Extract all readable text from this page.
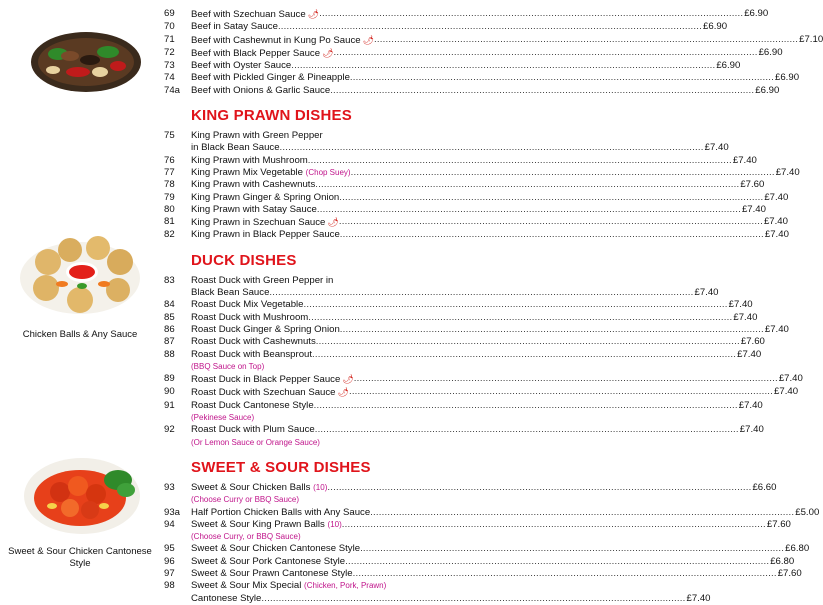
Chicken Balls & Any Sauce
Sweet & Sour Chicken Cantonese Style
69	Beef with Szechuan Sauce 🌶 .....	£6.90
70	Beef in Satay Sauce .....	£6.90
71	Beef with Cashewnut in Kung Po Sauce 🌶 .....	£7.10
72	Beef with Black Pepper Sauce 🌶 .....	£6.90
73	Beef with Oyster Sauce .....	£6.90
74	Beef with Pickled Ginger & Pineapple .....	£6.90
74a	Beef with Onions & Garlic Sauce .....	£6.90
KING PRAWN DISHES
75	King Prawn with Green Pepper
in Black Bean Sauce .....	£7.40
76	King Prawn with Mushroom .....	£7.40
77	King Prawn Mix Vegetable (Chop Suey) .....	£7.40
78	King Prawn with Cashewnuts .....	£7.60
79	King Prawn Ginger & Spring Onion .....	£7.40
80	King Prawn with Satay Sauce .....	£7.40
81	King Prawn in Szechuan Sauce 🌶 .....	£7.40
82	King Prawn in Black Pepper Sauce .....	£7.40
DUCK DISHES
83	Roast Duck with Green Pepper in
Black Bean Sauce .....	£7.40
84	Roast Duck Mix Vegetable .....	£7.40
85	Roast Duck with Mushroom .....	£7.40
86	Roast Duck Ginger & Spring Onion .....	£7.40
87	Roast Duck with Cashewnuts .....	£7.60
88	Roast Duck with Beansprout .....	£7.40
(BBQ Sauce on Top)
89	Roast Duck in Black Pepper Sauce 🌶 .....	£7.40
90	Roast Duck with Szechuan Sauce 🌶 .....	£7.40
91	Roast Duck Cantonese Style .....	£7.40
(Pekinese Sauce)
92	Roast Duck with Plum Sauce .....	£7.40
(Or Lemon Sauce or Orange Sauce)
SWEET & SOUR DISHES
93	Sweet & Sour Chicken Balls (10) .....	£6.60
(Choose Curry or BBQ Sauce)
93a	Half Portion Chicken Balls with Any Sauce .....	£5.00
94	Sweet & Sour King Prawn Balls (10) .....	£7.60
(Choose Curry, or BBQ Sauce)
95	Sweet & Sour Chicken Cantonese Style .....	£6.80
96	Sweet & Sour Pork Cantonese Style .....	£6.80
97	Sweet & Sour Prawn Cantonese Style .....	£7.60
98	Sweet & Sour Mix Special (Chicken, Pork, Prawn)
Cantonese Style .....	£7.40
